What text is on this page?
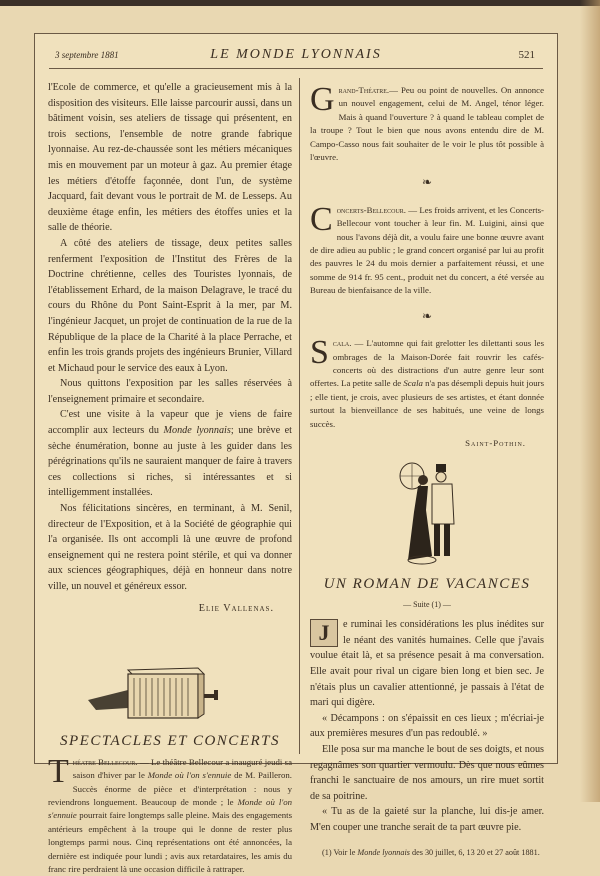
3 septembre 1881	LE MONDE LYONNAIS	521

l'Ecole de commerce, et qu'elle a gracieusement mis à la disposition des visiteurs. Elle laisse parcourir aussi, dans un bâtiment voisin, ses ateliers de tissage qui présentent, en trois sections, l'ensemble de notre grande fabrique lyonnaise. Au rez-de-chaussée sont les métiers mécaniques mis en mouvement par un moteur à gaz. Au premier étage les métiers d'étoffe façonnée, dont l'un, de système Jacquard, fait devant vous le portrait de M. de Lesseps. Au deuxième étage enfin, les métiers des étoffes unies et la salle de théorie.

A côté des ateliers de tissage, deux petites salles renferment l'exposition de l'Institut des Frères de la Doctrine chrétienne, celles des Touristes lyonnais, de l'établissement Erhard, de la maison Delagrave, le tracé du cours du Rhône du Pont Saint-Esprit à la mer, par M. l'ingénieur Jacquet, un projet de continuation de la rue de la République de la place de la Charité à la place Perrache, et enfin les trois grands projets des ingénieurs Brunier, Villard et Michaud pour le service des eaux à Lyon.

Nous quittons l'exposition par les salles réservées à l'enseignement primaire et secondaire.

C'est une visite à la vapeur que je viens de faire accomplir aux lecteurs du Monde lyonnais; une brève et sèche énumération, bonne au juste à les guider dans les pérégrinations qu'ils ne sauraient manquer de faire à travers ces collections si riches, si intéressantes et si intelligemment installées.

Nos félicitations sincères, en terminant, à M. Senil, directeur de l'Exposition, et à la Société de géographie qui l'a organisée. Ils ont accompli là une œuvre de profond enseignement qui ne restera point stérile, et qui va donner aux sciences géographiques, déjà en honneur dans notre ville, un nouvel et généreux essor.

Elie Vallenas.

SPECTACLES ET CONCERTS

Théatre Bellecour. — Le théâtre Bellecour a inauguré jeudi sa saison d'hiver par le Monde où l'on s'ennuie de M. Pailleron. Succès énorme de pièce et d'interprétation : nous y reviendrons longuement. Beaucoup de monde ; le Monde où l'on s'ennuie pourrait faire longtemps salle pleine. Mais des engagements antérieurs empêchent à la troupe qui le donne de rester plus longtemps parmi nous. Cinq représentations ont été annoncées, la dernière est indiquée pour lundi ; avis aux retardataires, les amis du franc rire perdraient là une occasion difficile à rattraper.

Grand-Théatre.— Peu ou point de nouvelles. On annonce un nouvel engagement, celui de M. Angel, ténor léger. Mais à quand l'ouverture ? à quand le tableau complet de la troupe ? Tout le bien que nous avons entendu dire de M. Campo-Casso nous fait souhaiter de le voir le plus tôt possible à l'œuvre.

❧

Concerts-Bellecour. — Les froids arrivent, et les Concerts-Bellecour vont toucher à leur fin. M. Luigini, ainsi que nous l'avons déjà dit, a voulu faire une bonne œuvre avant de dire adieu au public ; le grand concert organisé par lui au profit des pauvres le 24 du mois dernier a parfaitement réussi, et une somme de 914 fr. 95 cent., produit net du concert, a été versée au Bureau de bienfaisance de la ville.

❧

Scala. — L'automne qui fait grelotter les dilettanti sous les ombrages de la Maison-Dorée fait rouvrir les cafés-concerts où des distractions d'un autre genre leur sont offertes. La petite salle de Scala n'a pas désempli depuis huit jours ; elle tient, je crois, avec plusieurs de ses artistes, et étant donnée surtout la bienveillance de ses habitués, une veine de longs succès.

Saint-Pothin.

UN ROMAN DE VACANCES
— Suite (1) —

J	e ruminai les considérations les plus inédites sur le néant des vanités humaines. Celle que j'avais voulue était là, et sa présence pesait à ma conversation. Elle avait pour rival un cigare bien long et bien sec. Je n'étais plus un cavalier attentionné, je passais à l'état de mari qui digère.

« Décampons : on s'épaissit en ces lieux ; m'écriai-je aux premières mesures d'un pas redoublé. »

Elle posa sur ma manche le bout de ses doigts, et nous regagnâmes son quartier vermoulu. Dès que nous eûmes franchi le sanctuaire de nos amours, un rire muet sortit de sa poitrine.

« Tu as de la gaieté sur la planche, lui dis-je amer. M'en couper une tranche serait de ta part œuvre pie.

(1) Voir le Monde lyonnais des 30 juillet, 6, 13 20 et 27 août 1881.
